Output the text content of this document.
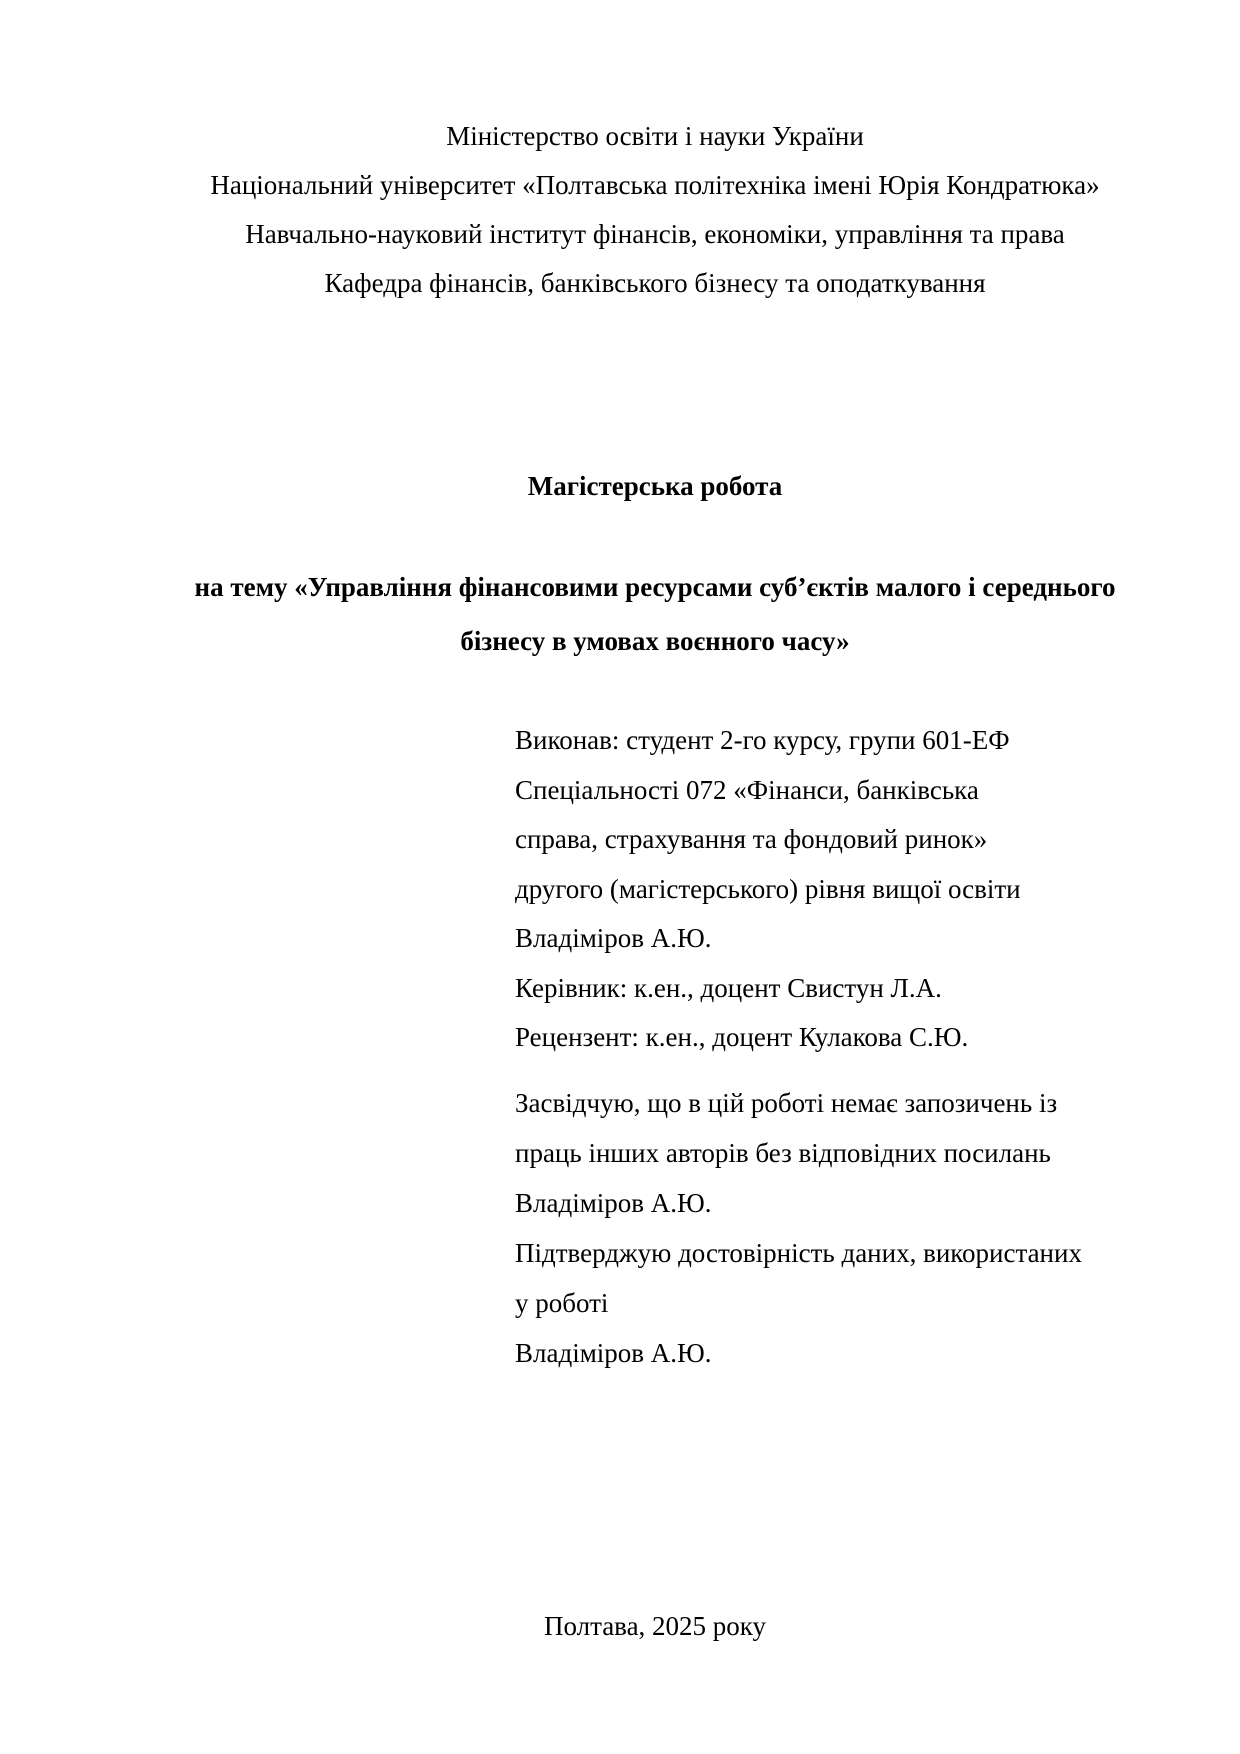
Міністерство освіти і науки України
Національний університет «Полтавська політехніка імені Юрія Кондратюка»
Навчально-науковий інститут фінансів, економіки, управління та права
Кафедра фінансів, банківського бізнесу та оподаткування
Магістерська робота
на тему «Управління фінансовими ресурсами суб’єктів малого і середнього
бізнесу в умовах воєнного часу»
Виконав: студент 2-го курсу, групи 601-ЕФ
Спеціальності 072 «Фінанси, банківська
справа, страхування та фондовий ринок»
другого (магістерського) рівня вищої освіти
Владіміров А.Ю.
Керівник: к.ен., доцент Свистун Л.А.
Рецензент: к.ен., доцент Кулакова С.Ю.
Засвідчую, що в цій роботі немає запозичень із
праць інших авторів без відповідних посилань
Владіміров А.Ю.
Підтверджую достовірність даних, використаних
у роботі
Владіміров А.Ю.
Полтава, 2025 року
